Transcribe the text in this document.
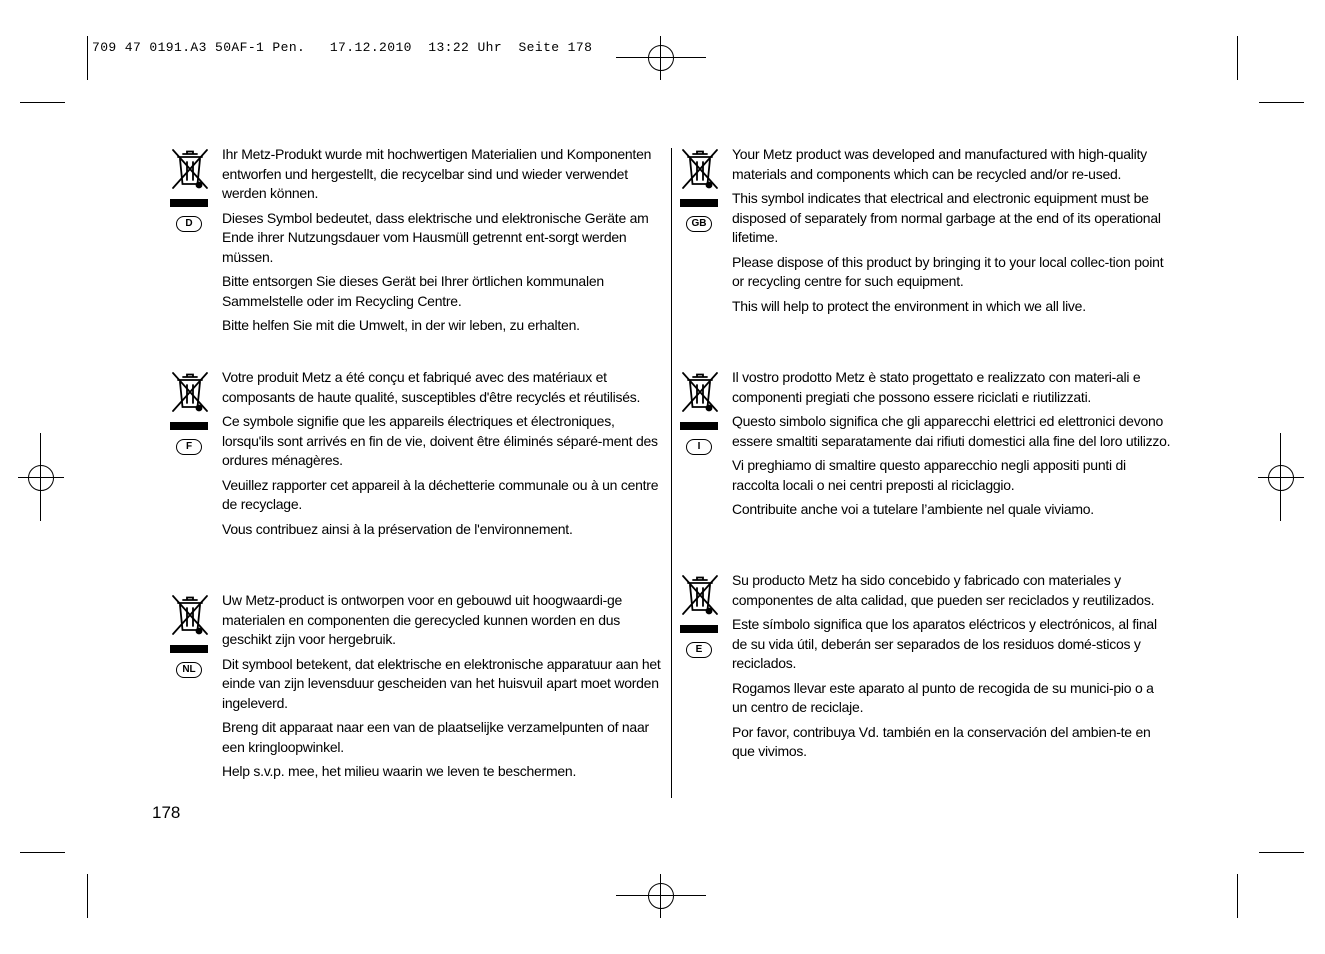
709 47 0191.A3 50AF-1 Pen.   17.12.2010  13:22 Uhr  Seite 178
D

Ihr Metz-Produkt wurde mit hochwertigen Materialien und Komponenten entworfen und hergestellt, die recycelbar sind und wieder verwendet werden können.

Dieses Symbol bedeutet, dass elektrische und elektronische Geräte am Ende ihrer Nutzungsdauer vom Hausmüll getrennt ent-sorgt werden müssen.

Bitte entsorgen Sie dieses Gerät bei Ihrer örtlichen kommunalen Sammelstelle oder im Recycling Centre.

Bitte helfen Sie mit die Umwelt, in der wir leben, zu erhalten.

F

Votre produit Metz a été conçu et fabriqué avec des matériaux et composants de haute qualité, susceptibles d'être recyclés et réutilisés.

Ce symbole signifie que les appareils électriques et électroniques, lorsqu'ils sont arrivés en fin de vie, doivent être éliminés séparé-ment des ordures ménagères.

Veuillez rapporter cet appareil à la déchetterie communale ou à un centre de recyclage.

Vous contribuez ainsi à la préservation de l'environnement.

NL

Uw Metz-product is ontworpen voor en gebouwd uit hoogwaardi-ge materialen en componenten die gerecycled kunnen worden en dus geschikt zijn voor hergebruik.

Dit symbool betekent, dat elektrische en elektronische apparatuur aan het einde van zijn levensduur gescheiden van het huisvuil apart moet worden ingeleverd.

Breng dit apparaat naar een van de plaatselijke verzamelpunten of naar een kringloopwinkel.

Help s.v.p. mee, het milieu waarin we leven te beschermen.

GB

Your Metz product was developed and manufactured with high-quality materials and components which can be recycled and/or re-used.

This symbol indicates that electrical and electronic equipment must be disposed of separately from normal garbage at the end of its operational lifetime.

Please dispose of this product by bringing it to your local collec-tion point or recycling centre for such equipment.

This will help to protect the environment in which we all live.

I

Il vostro prodotto Metz è stato progettato e realizzato con materi-ali e componenti pregiati che possono essere riciclati e riutilizzati.

Questo simbolo significa che gli apparecchi elettrici ed elettronici devono essere smaltiti separatamente dai rifiuti domestici alla fine del loro utilizzo.

Vi preghiamo di smaltire questo apparecchio negli appositi punti di raccolta locali o nei centri preposti al riciclaggio.

Contribuite anche voi a tutelare l’ambiente nel quale viviamo.

E

Su producto Metz ha sido concebido y fabricado con materiales y componentes de alta calidad, que pueden ser reciclados y reutilizados.

Este símbolo significa que los aparatos eléctricos y electrónicos, al final de su vida útil, deberán ser separados de los residuos domé-sticos y reciclados.

Rogamos llevar este aparato al punto de recogida de su munici-pio o a un centro de reciclaje.

Por favor, contribuya Vd. también en la conservación del ambien-te en que vivimos.

178
